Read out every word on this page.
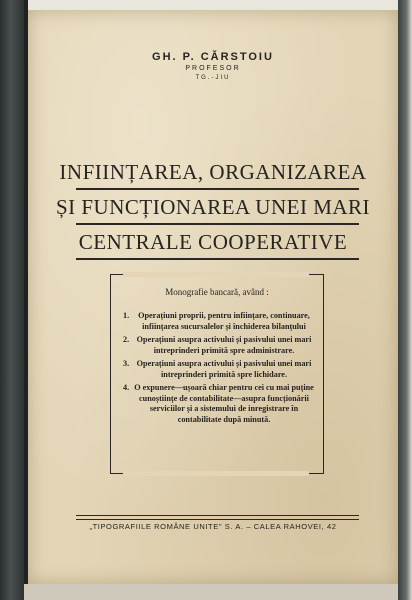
GH. P. CĂRSTOIU
PROFESOR
TG.-JIU
INFIINȚAREA, ORGANIZAREA
ȘI FUNCȚIONAREA UNEI MARI
CENTRALE COOPERATIVE
Monografie bancară, având :
1.	Operațiuni proprii, pentru inființare, continuare, inființarea sucursalelor și închiderea bilanțului
2. Operațiuni asupra activului și pasivului unei mari intreprinderi primită spre administrare.
3. Operațiuni asupra activului și pasivului unei mari intreprinderi primită spre lichidare.
4. O expunere—ușoară chiar pentru cei cu mai puține cunoștiințe de contabilitate—asupra funcționării serviciilor și a sistemului de inregistrare în contabilitate după minută.
„TIPOGRAFIILE ROMÂNE UNITE" S. A. – CALEA RAHOVEI, 42
